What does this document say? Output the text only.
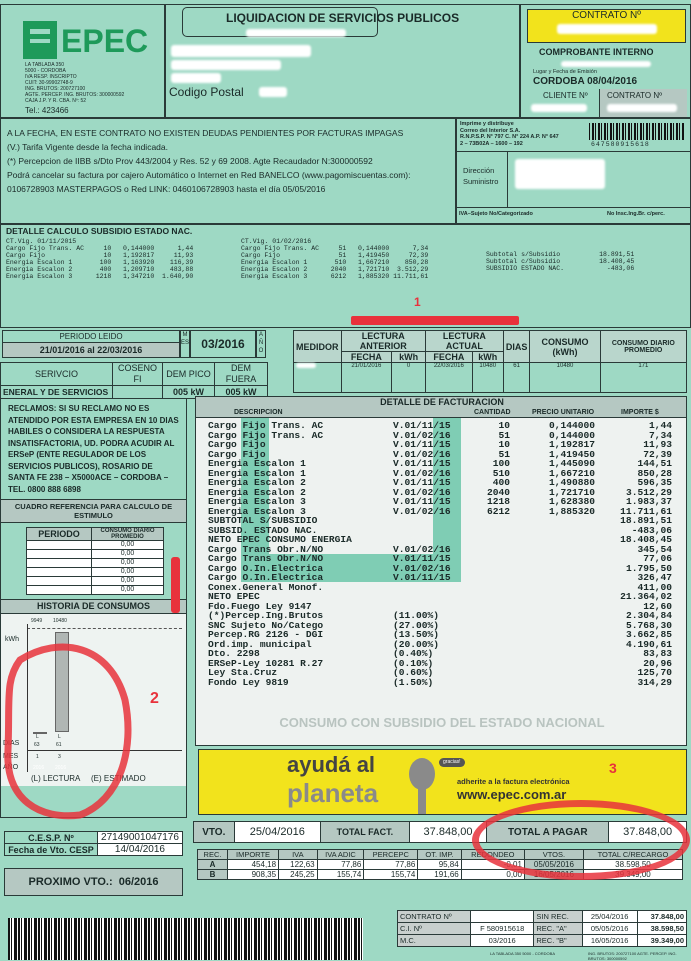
EPEC
LA TABLADA 350
5000 - CORDOBA
IVA RESP. INSCRIPTO
CUIT: 30-99902748-9
ING. BRUTOS: 200727100
AGTE. PERCEP. ING. BRUTOS: 300000592
CAJA J.P. Y R. CBA. Nº: 52
Tel.: 423466
LIQUIDACION DE SERVICIOS PUBLICOS
Codigo Postal
CONTRATO Nº
COMPROBANTE INTERNO
Lugar y Fecha de Emisión
CORDOBA 08/04/2016
CLIENTE Nº CONTRATO Nº
A LA FECHA, EN ESTE CONTRATO NO EXISTEN DEUDAS PENDIENTES POR FACTURAS IMPAGAS
(V.) Tarifa Vigente desde la fecha indicada.
(*) Percepcion de IIBB s/Dto Prov 443/2004 y Res. 52 y 69 2008. Agte Recaudador N:300000592
Podrá cancelar su factura por cajero Automático o Internet en Red BANELCO (www.pagomiscuentas.com):
0106728903 MASTERPAGOS o Red LINK: 0460106728903 hasta el día 05/05/2016
Imprime y distribuye
Correo del Interior S.A.
R.N.P.S.P. N° 797 C. N° 224 A.P. N° 647
2 – 73B02A – 1600 – 192	647580915618
Dirección Suministro
IVA–Sujeto No/Categorizado	No Insc.Ing.Br. c/perc.
DETALLE CALCULO SUBSIDIO ESTADO NAC.
CT.Vig. 01/11/2015
Cargo Fijo Trans. AC     10   0,144000      1,44
Cargo Fijo               10   1,192817     11,93
Energia Escalon 1       100   1,163920    116,39
Energia Escalon 2       400   1,209710    483,88
Energia Escalon 3      1218   1,347210  1.640,90
CT.Vig. 01/02/2016
Cargo Fijo Trans. AC     51   0,144000      7,34
Cargo Fijo               51   1,419450     72,39
Energia Escalon 1       510   1,667210    850,28
Energia Escalon 2      2040   1,721710  3.512,29
Energia Escalon 3      6212   1,885320 11.711,61
Subtotal s/Subsidio          18.891,51
Subtotal c/Subsidio          18.408,45
SUBSIDIO ESTADO NAC.           -483,06
1
PERIODO LEIDO
21/01/2016 al 22/03/2016
MES	03/2016
AÑO
SERIVCIO	COSENO FI	DEM PICO	DEM FUERA
ENERAL Y DE SERVICIOS		005 kW	005 kW
MEDIDOR	LECTURA ANTERIOR		LECTURA ACTUAL		DIAS	CONSUMO (kWh)	CONSUMO DIARIO PROMEDIO
	FECHA	kWh	FECHA	kWh			

	21/01/2016	0	22/03/2016	10480	61	10480	171
RECLAMOS: SI SU RECLAMO NO ES ATENDIDO POR ESTA EMPRESA EN 10 DIAS HABILES O CONSIDERA LA RESPUESTA INSATISFACTORIA, UD. PODRA ACUDIR AL ERSeP (ENTE REGULADOR DE LOS SERVICIOS PUBLICOS), ROSARIO DE SANTA FE 238 – X5000ACE – CORDOBA – TEL. 0800 888 6898
CUADRO REFERENCIA PARA CALCULO DE ESTIMULO
PERIODO	CONSUMO DIARIO PROMEDIO
	0,00
	0,00
	0,00
	0,00
	0,00
	0,00
HISTORIA DE CONSUMOS
kWh
DIAS
MES
AÑO
9949
L
63
1
2016
10480
L
61
3
2016
(L) LECTURA     (E) ESTIMADO
DETALLE DE FACTURACION
DESCRIPCION	CANTIDAD	PRECIO UNITARIO	IMPORTE $
Cargo Fijo Trans. AC	V.01/11/15	10	0,144000	1,44
Cargo Fijo Trans. AC	V.01/02/16	51	0,144000	7,34
Cargo Fijo	V.01/11/15	10	1,192817	11,93
Cargo Fijo	V.01/02/16	51	1,419450	72,39
Energia Escalon 1	V.01/11/15	100	1,445090	144,51
Energia Escalon 1	V.01/02/16	510	1,667210	850,28
Energia Escalon 2	V.01/11/15	400	1,490880	596,35
Energia Escalon 2	V.01/02/16	2040	1,721710	3.512,29
Energia Escalon 3	V.01/11/15	1218	1,628380	1.983,37
Energia Escalon 3	V.01/02/16	6212	1,885320	11.711,61
SUBTOTAL S/SUBSIDIO				18.891,51
SUBSID. ESTADO NAC.				-483,06
NETO EPEC CONSUMO ENERGIA				18.408,45
Cargo Trans Obr.N/NO	V.01/02/16			345,54
Cargo Trans Obr.N/NO	V.01/11/15			77,06
Cargo O.In.Electrica	V.01/02/16			1.795,50
Cargo O.In.Electrica	V.01/11/15			326,47
Conex.General Monof.				411,00
NETO EPEC				21.364,02
Fdo.Fuego Ley 9147				12,60
(*)Percep.Ing.Brutos	(11.00%)			2.304,84
SNC Sujeto No/Catego	(27.00%)			5.768,30
Percep.RG 2126 - DGI	(13.50%)			3.662,85
Ord.imp. municipal	(20.00%)			4.190,61
Dto. 2298	(0.40%)			83,83
ERSeP-Ley 10281 R.27	(0.10%)			20,96
Ley Sta.Cruz	(0.60%)			125,70
Fondo Ley 9819	(1.50%)			314,29
CONSUMO CON SUBSIDIO DEL ESTADO NACIONAL
ayudá al
planeta
gracias!
adherite a la factura electrónica
www.epec.com.ar
3
C.E.S.P. Nº	27149001047176
Fecha de Vto. CESP	14/04/2016
PROXIMO VTO.:  06/2016
VTO.	25/04/2016	TOTAL FACT.	37.848,00	TOTAL A PAGAR	37.848,00
REC.	IMPORTE	IVA	IVA ADIC	PERCEPC	OT. IMP.	REDONDEO	VTOS.	TOTAL C/RECARGO
A	454,18	122,63	77,86	77,86	95,84	-0,01	05/05/2016	38.598,50
B	908,35	245,25	155,74	155,74	191,66	0,00	16/05/2016	39.349,00
CONTRATO Nº		SIN REC.	25/04/2016	37.848,00
C.I. Nº	F 580915618	REC. "A"	05/05/2016	38.598,50
M.C.	03/2016	REC. "B"	16/05/2016	39.349,00
LA TABLADA 350 5000 - CORDOBA	ING. BRUTOS: 200727100 AGTE. PERCEP. ING. BRUTOS: 300000592
2
